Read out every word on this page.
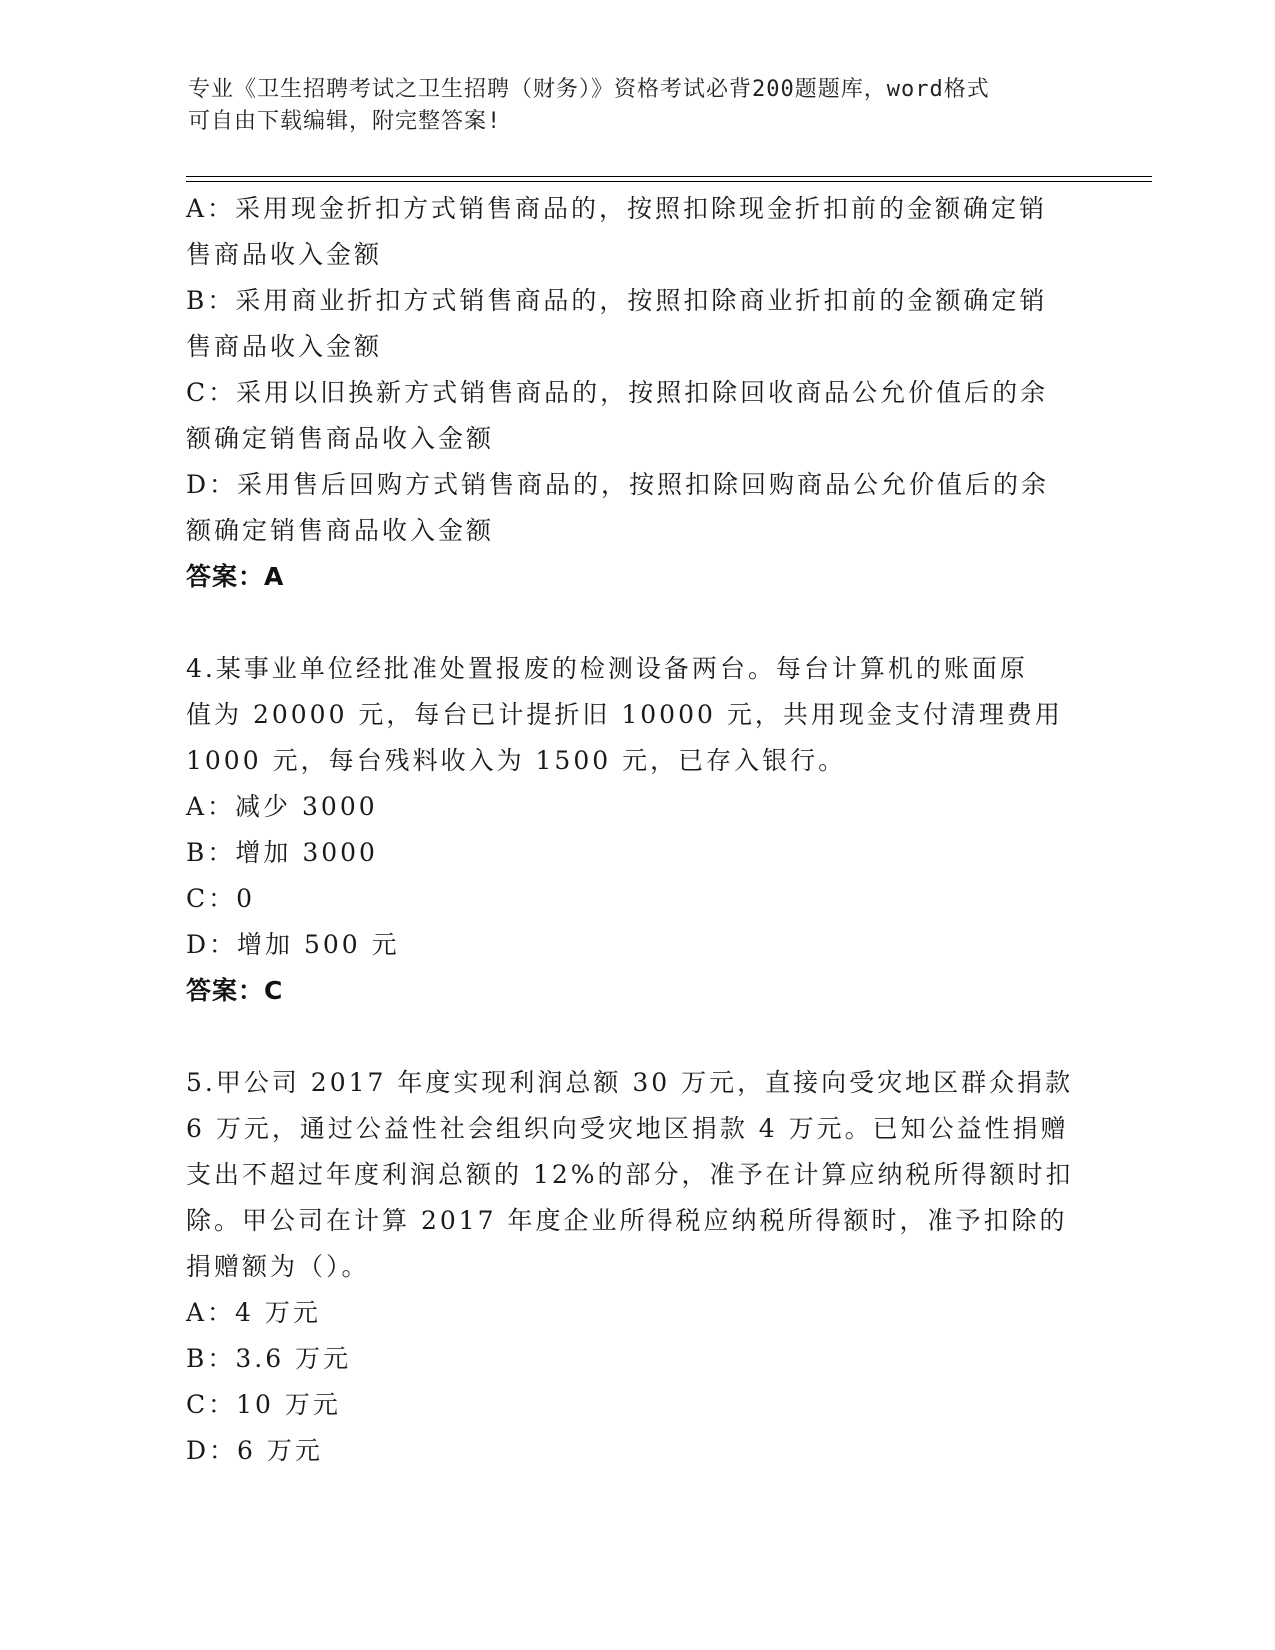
专业《卫生招聘考试之卫生招聘（财务）》资格考试必背200题题库，word格式
可自由下载编辑，附完整答案!

A：采用现金折扣方式销售商品的，按照扣除现金折扣前的金额确定销

售商品收入金额

B：采用商业折扣方式销售商品的，按照扣除商业折扣前的金额确定销

售商品收入金额

C：采用以旧换新方式销售商品的，按照扣除回收商品公允价值后的余

额确定销售商品收入金额

D：采用售后回购方式销售商品的，按照扣除回购商品公允价值后的余

额确定销售商品收入金额

答案：A

4.某事业单位经批准处置报废的检测设备两台。每台计算机的账面原

值为 20000 元，每台已计提折旧 10000 元，共用现金支付清理费用

1000 元，每台残料收入为 1500 元，已存入银行。

A：减少 3000

B：增加 3000

C：0

D：增加 500 元

答案：C

5.甲公司 2017 年度实现利润总额 30 万元，直接向受灾地区群众捐款

6 万元，通过公益性社会组织向受灾地区捐款 4 万元。已知公益性捐赠

支出不超过年度利润总额的 12%的部分，准予在计算应纳税所得额时扣

除。甲公司在计算 2017 年度企业所得税应纳税所得额时，准予扣除的

捐赠额为（）。

A：4 万元

B：3.6 万元

C：10 万元

D：6 万元
